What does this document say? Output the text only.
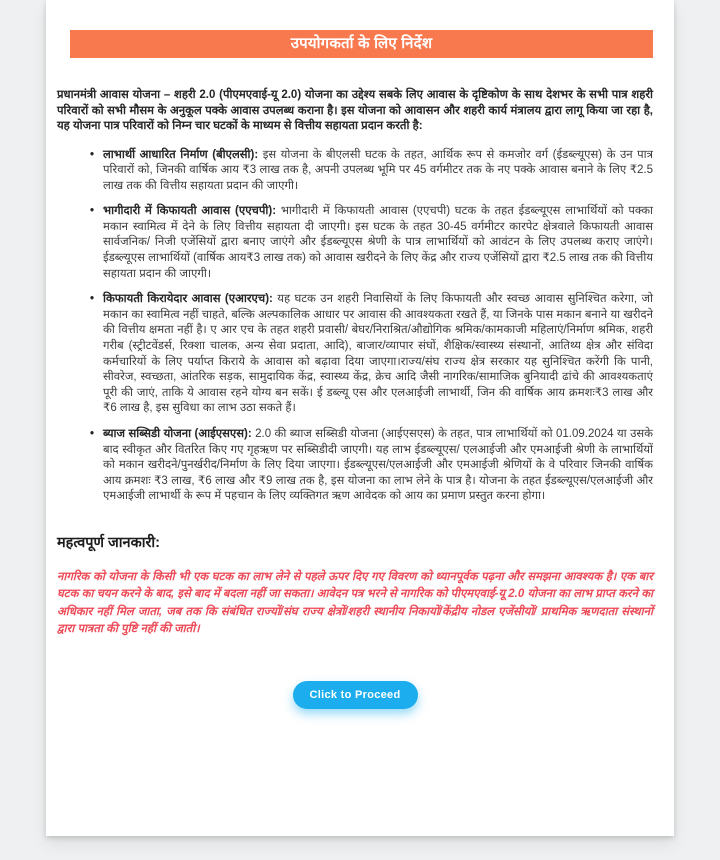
उपयोगकर्ता के लिए निर्देश

प्रधानमंत्री आवास योजना – शहरी 2.0 (पीएमएवाई-यू 2.0) योजना का उद्देश्य सबके लिए आवास के दृष्टिकोण के साथ देशभर के सभी पात्र शहरी परिवारों को सभी मौसम के अनुकूल पक्के आवास उपलब्ध कराना है। इस योजना को आवासन और शहरी कार्य मंत्रालय द्वारा लागू किया जा रहा है, यह योजना पात्र परिवारों को निम्न चार घटकों के माध्यम से वित्तीय सहायता प्रदान करती है:

• लाभार्थी आधारित निर्माण (बीएलसी): इस योजना के बीएलसी घटक के तहत, आर्थिक रूप से कमजोर वर्ग (ईडब्ल्यूएस) के उन पात्र परिवारों को, जिनकी वार्षिक आय ₹3 लाख तक है, अपनी उपलब्ध भूमि पर 45 वर्गमीटर तक के नए पक्के आवास बनाने के लिए ₹2.5 लाख तक की वित्तीय सहायता प्रदान की जाएगी।
• भागीदारी में किफायती आवास (एएचपी): भागीदारी में किफायती आवास (एएचपी) घटक के तहत ईडब्ल्यूएस लाभार्थियों को पक्का मकान स्वामित्व में देने के लिए वित्तीय सहायता दी जाएगी। इस घटक के तहत 30-45 वर्गमीटर कारपेट क्षेत्रवाले किफायती आवास सार्वजनिक/ निजी एजेंसियों द्वारा बनाए जाएंगे और ईडब्ल्यूएस श्रेणी के पात्र लाभार्थियों को आवंटन के लिए उपलब्ध कराए जाएंगे। ईडब्ल्यूएस लाभार्थियों (वार्षिक आय₹3 लाख तक) को आवास खरीदने के लिए केंद्र और राज्य एजेंसियों द्वारा ₹2.5 लाख तक की वित्तीय सहायता प्रदान की जाएगी।
• किफायती किरायेदार आवास (एआरएच): यह घटक उन शहरी निवासियों के लिए किफायती और स्वच्छ आवास सुनिश्चित करेगा, जो मकान का स्वामित्व नहीं चाहते, बल्कि अल्पकालिक आधार पर आवास की आवश्यकता रखते हैं, या जिनके पास मकान बनाने या खरीदने की वित्तीय क्षमता नहीं है। ए आर एच के तहत शहरी प्रवासी/ बेघर/निराश्रित/औद्योगिक श्रमिक/कामकाजी महिलाएं/निर्माण श्रमिक, शहरी गरीब (स्ट्रीटवेंडर्स, रिक्शा चालक, अन्य सेवा प्रदाता, आदि), बाजार/व्यापार संघों, शैक्षिक/स्वास्थ्य संस्थानों, आतिथ्य क्षेत्र और संविदा कर्मचारियों के लिए पर्याप्त किराये के आवास को बढ़ावा दिया जाएगा।राज्य/संघ राज्य क्षेत्र सरकार यह सुनिश्चित करेंगी कि पानी, सीवरेज, स्वच्छता, आंतरिक सड़क, सामुदायिक केंद्र, स्वास्थ्य केंद्र, क्रेच आदि जैसी नागरिक/सामाजिक बुनियादी ढांचे की आवश्यकताएं पूरी की जाएं, ताकि ये आवास रहने योग्य बन सकें। ई डब्ल्यू एस और एलआईजी लाभार्थी, जिन की वार्षिक आय क्रमशः₹3 लाख और ₹6 लाख है, इस सुविधा का लाभ उठा सकते हैं।
• ब्याज सब्सिडी योजना (आईएसएस): 2.0 की ब्याज सब्सिडी योजना (आईएसएस) के तहत, पात्र लाभार्थियों को 01.09.2024 या उसके बाद स्वीकृत और वितरित किए गए गृहऋण पर सब्सिडीदी जाएगी। यह लाभ ईडब्ल्यूएस/ एलआईजी और एमआईजी श्रेणी के लाभार्थियों को मकान खरीदने/पुनर्खरीद/निर्माण के लिए दिया जाएगा। ईडब्ल्यूएस/एलआईजी और एमआईजी श्रेणियों के वे परिवार जिनकी वार्षिक आय क्रमशः ₹3 लाख, ₹6 लाख और ₹9 लाख तक है, इस योजना का लाभ लेने के पात्र है। योजना के तहत ईडब्ल्यूएस/एलआईजी और एमआईजी लाभार्थी के रूप में पहचान के लिए व्यक्तिगत ऋण आवेदक को आय का प्रमाण प्रस्तुत करना होगा।
महत्वपूर्ण जानकारी:

नागरिक को योजना के किसी भी एक घटक का लाभ लेने से पहले ऊपर दिए गए विवरण को ध्यानपूर्वक पढ़ना और समझना आवश्यक है। एक बार घटक का चयन करने के बाद, इसे बाद में बदला नहीं जा सकता। आवेदन पत्र भरने से नागरिक को पीएमएवाई-यू 2.0 योजना का लाभ प्राप्त करने का अधिकार नहीं मिल जाता, जब तक कि संबंधित राज्यों/संघ राज्य क्षेत्रों/शहरी स्थानीय निकायों/केंद्रीय नोडल एजेंसीयों/ प्राथमिक ऋणदाता संस्थानों द्वारा पात्रता की पुष्टि नहीं की जाती।

Click to Proceed
